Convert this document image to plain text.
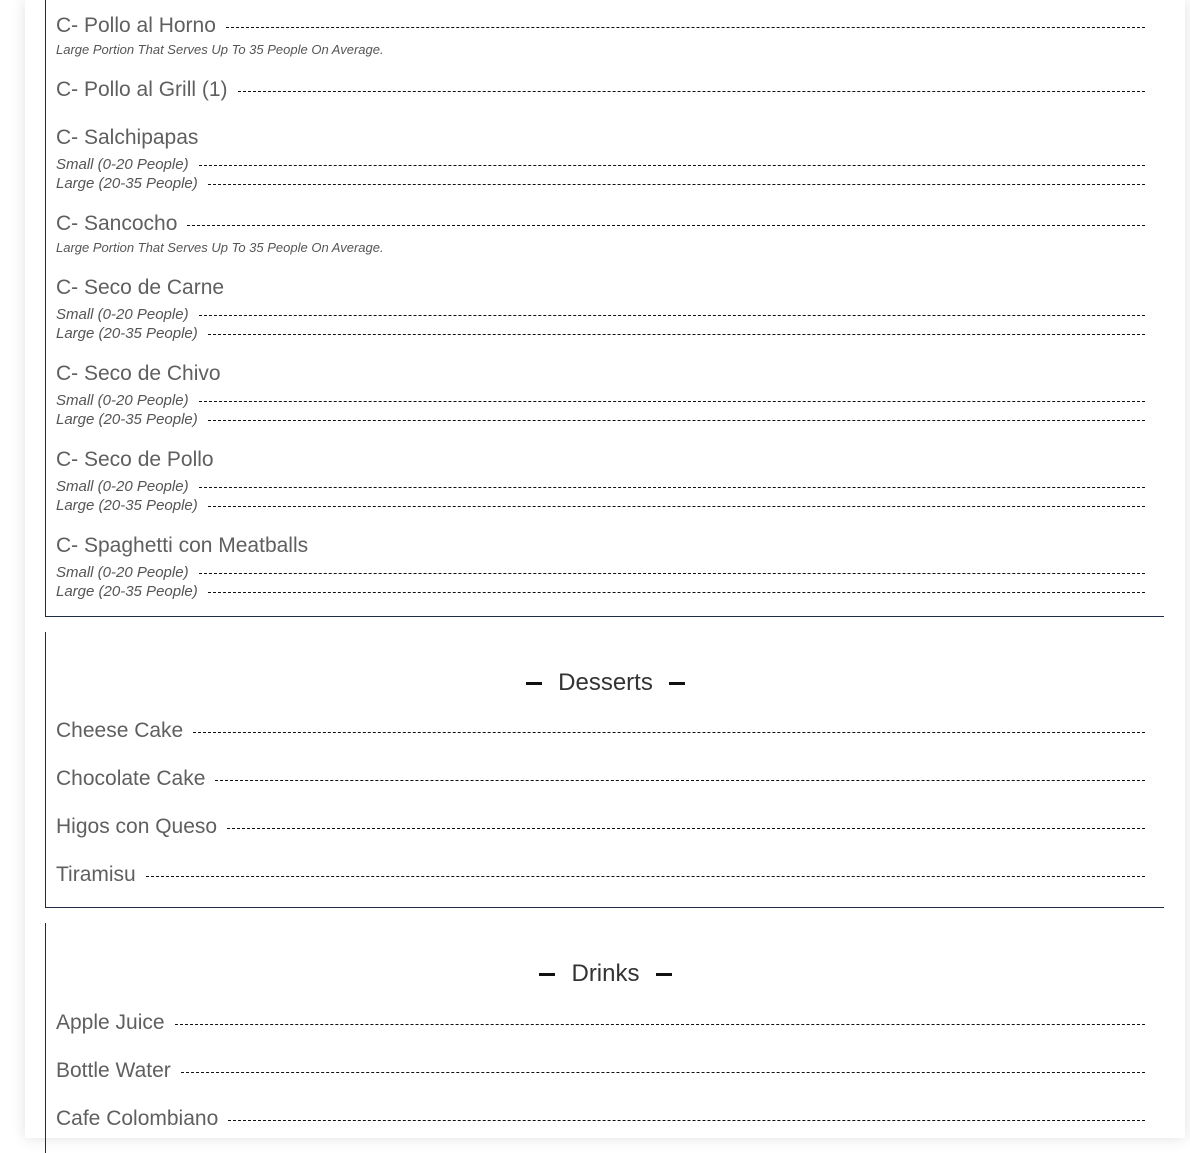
C- Pollo al Horno
Large Portion That Serves Up To 35 People On Average.
C- Pollo al Grill (1)
C- Salchipapas
Small (0-20 People)
Large (20-35 People)
C- Sancocho
Large Portion That Serves Up To 35 People On Average.
C- Seco de Carne
Small (0-20 People)
Large (20-35 People)
C- Seco de Chivo
Small (0-20 People)
Large (20-35 People)
C- Seco de Pollo
Small (0-20 People)
Large (20-35 People)
C- Spaghetti con Meatballs
Small (0-20 People)
Large (20-35 People)
Desserts
Cheese Cake
Chocolate Cake
Higos con Queso
Tiramisu
Drinks
Apple Juice
Bottle Water
Cafe Colombiano
